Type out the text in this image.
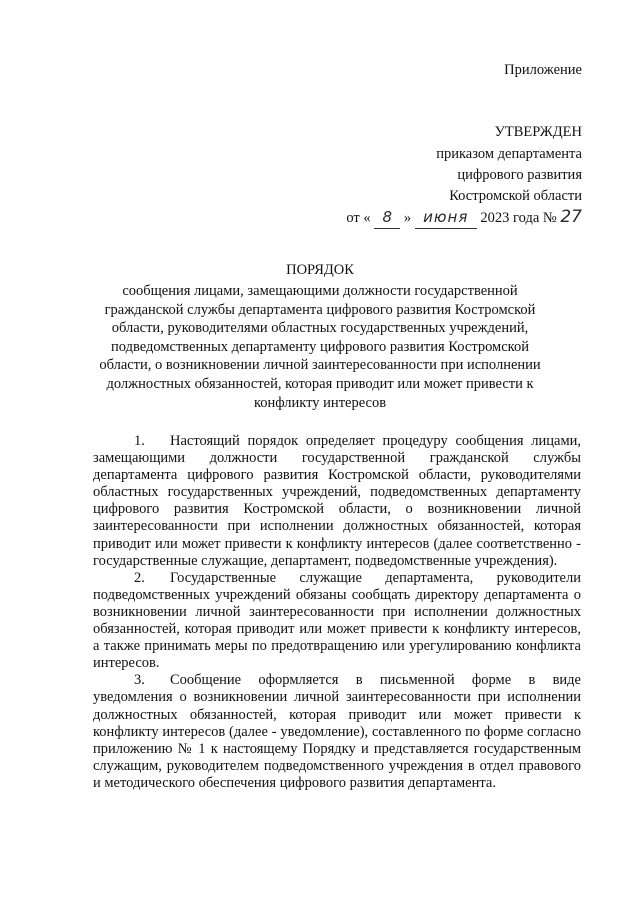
Приложение
УТВЕРЖДЕН
приказом департамента
цифрового развития
Костромской области
от « 8 » июня 2023 года № 27
ПОРЯДОК
сообщения лицами, замещающими должности государственной гражданской службы департамента цифрового развития Костромской области, руководителями областных государственных учреждений, подведомственных департаменту цифрового развития Костромской области, о возникновении личной заинтересованности при исполнении должностных обязанностей, которая приводит или может привести к конфликту интересов

1. Настоящий порядок определяет процедуру сообщения лицами, замещающими должности государственной гражданской службы департамента цифрового развития Костромской области, руководителями областных государственных учреждений, подведомственных департаменту цифрового развития Костромской области, о возникновении личной заинтересованности при исполнении должностных обязанностей, которая приводит или может привести к конфликту интересов (далее соответственно - государственные служащие, департамент, подведомственные учреждения).

2. Государственные служащие департамента, руководители подведомственных учреждений обязаны сообщать директору департамента о возникновении личной заинтересованности при исполнении должностных обязанностей, которая приводит или может привести к конфликту интересов, а также принимать меры по предотвращению или урегулированию конфликта интересов.

3. Сообщение оформляется в письменной форме в виде уведомления о возникновении личной заинтересованности при исполнении должностных обязанностей, которая приводит или может привести к конфликту интересов (далее - уведомление), составленного по форме согласно приложению № 1 к настоящему Порядку и представляется государственным служащим, руководителем подведомственного учреждения в отдел правового и методического обеспечения цифрового развития департамента.
